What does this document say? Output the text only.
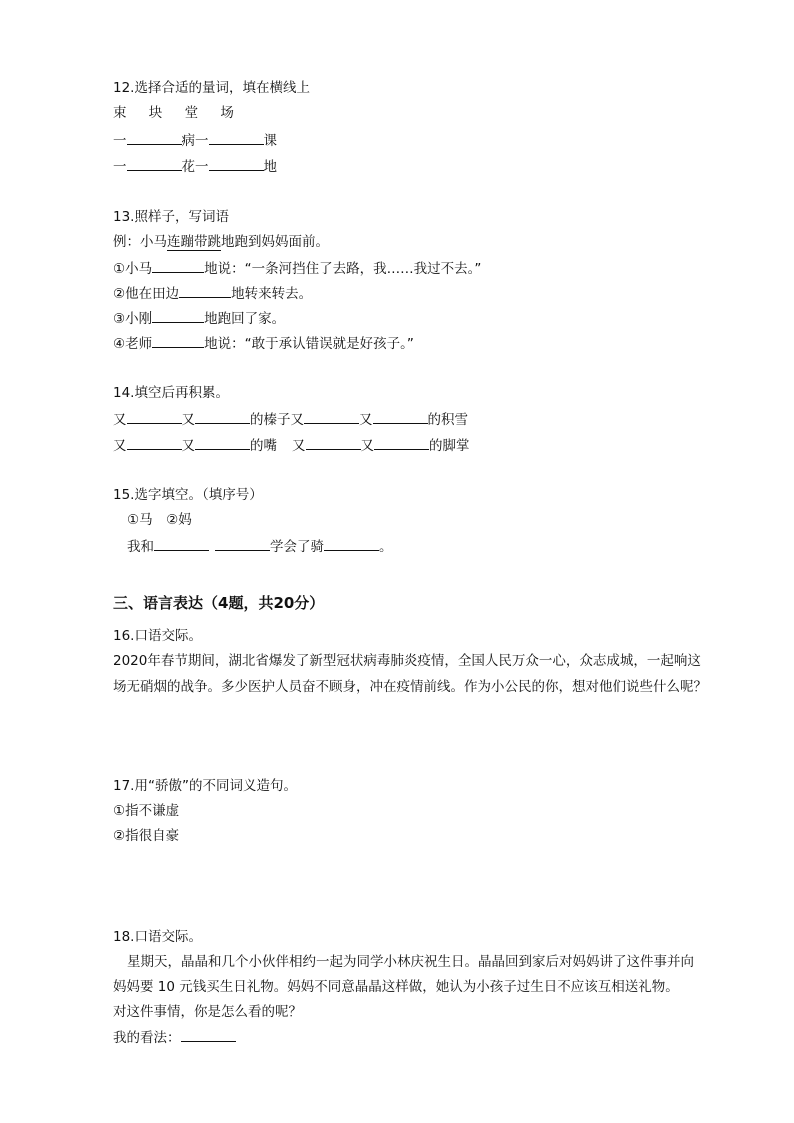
12.选择合适的量词，填在横线上
束 块 堂 场
一	病一	课
一	花一	地
13.照样子，写词语
例：小马连蹦带跳地跑到妈妈面前。
①小马	地说：“一条河挡住了去路，我……我过不去。”
②他在田边	地转来转去。
③小刚	地跑回了家。
④老师	地说：“敢于承认错误就是好孩子。”
14.填空后再积累。
又	又	的榛子又	又	的积雪
又	又	的嘴 又	又	的脚掌
15.选字填空。（填序号）
①马　②妈
我和	学会了骑	。
三、语言表达（4题，共20分）
16.口语交际。
2020年春节期间，湖北省爆发了新型冠状病毒肺炎疫情，全国人民万众一心，众志成城，一起响这
场无硝烟的战争。多少医护人员奋不顾身，冲在疫情前线。作为小公民的你，想对他们说些什么呢？
17.用“骄傲”的不同词义造句。
①指不谦虚
②指很自豪
18.口语交际。
星期天，晶晶和几个小伙伴相约一起为同学小林庆祝生日。晶晶回到家后对妈妈讲了这件事并向
妈妈要 10 元钱买生日礼物。妈妈不同意晶晶这样做，她认为小孩子过生日不应该互相送礼物。
对这件事情，你是怎么看的呢？
我的看法：
